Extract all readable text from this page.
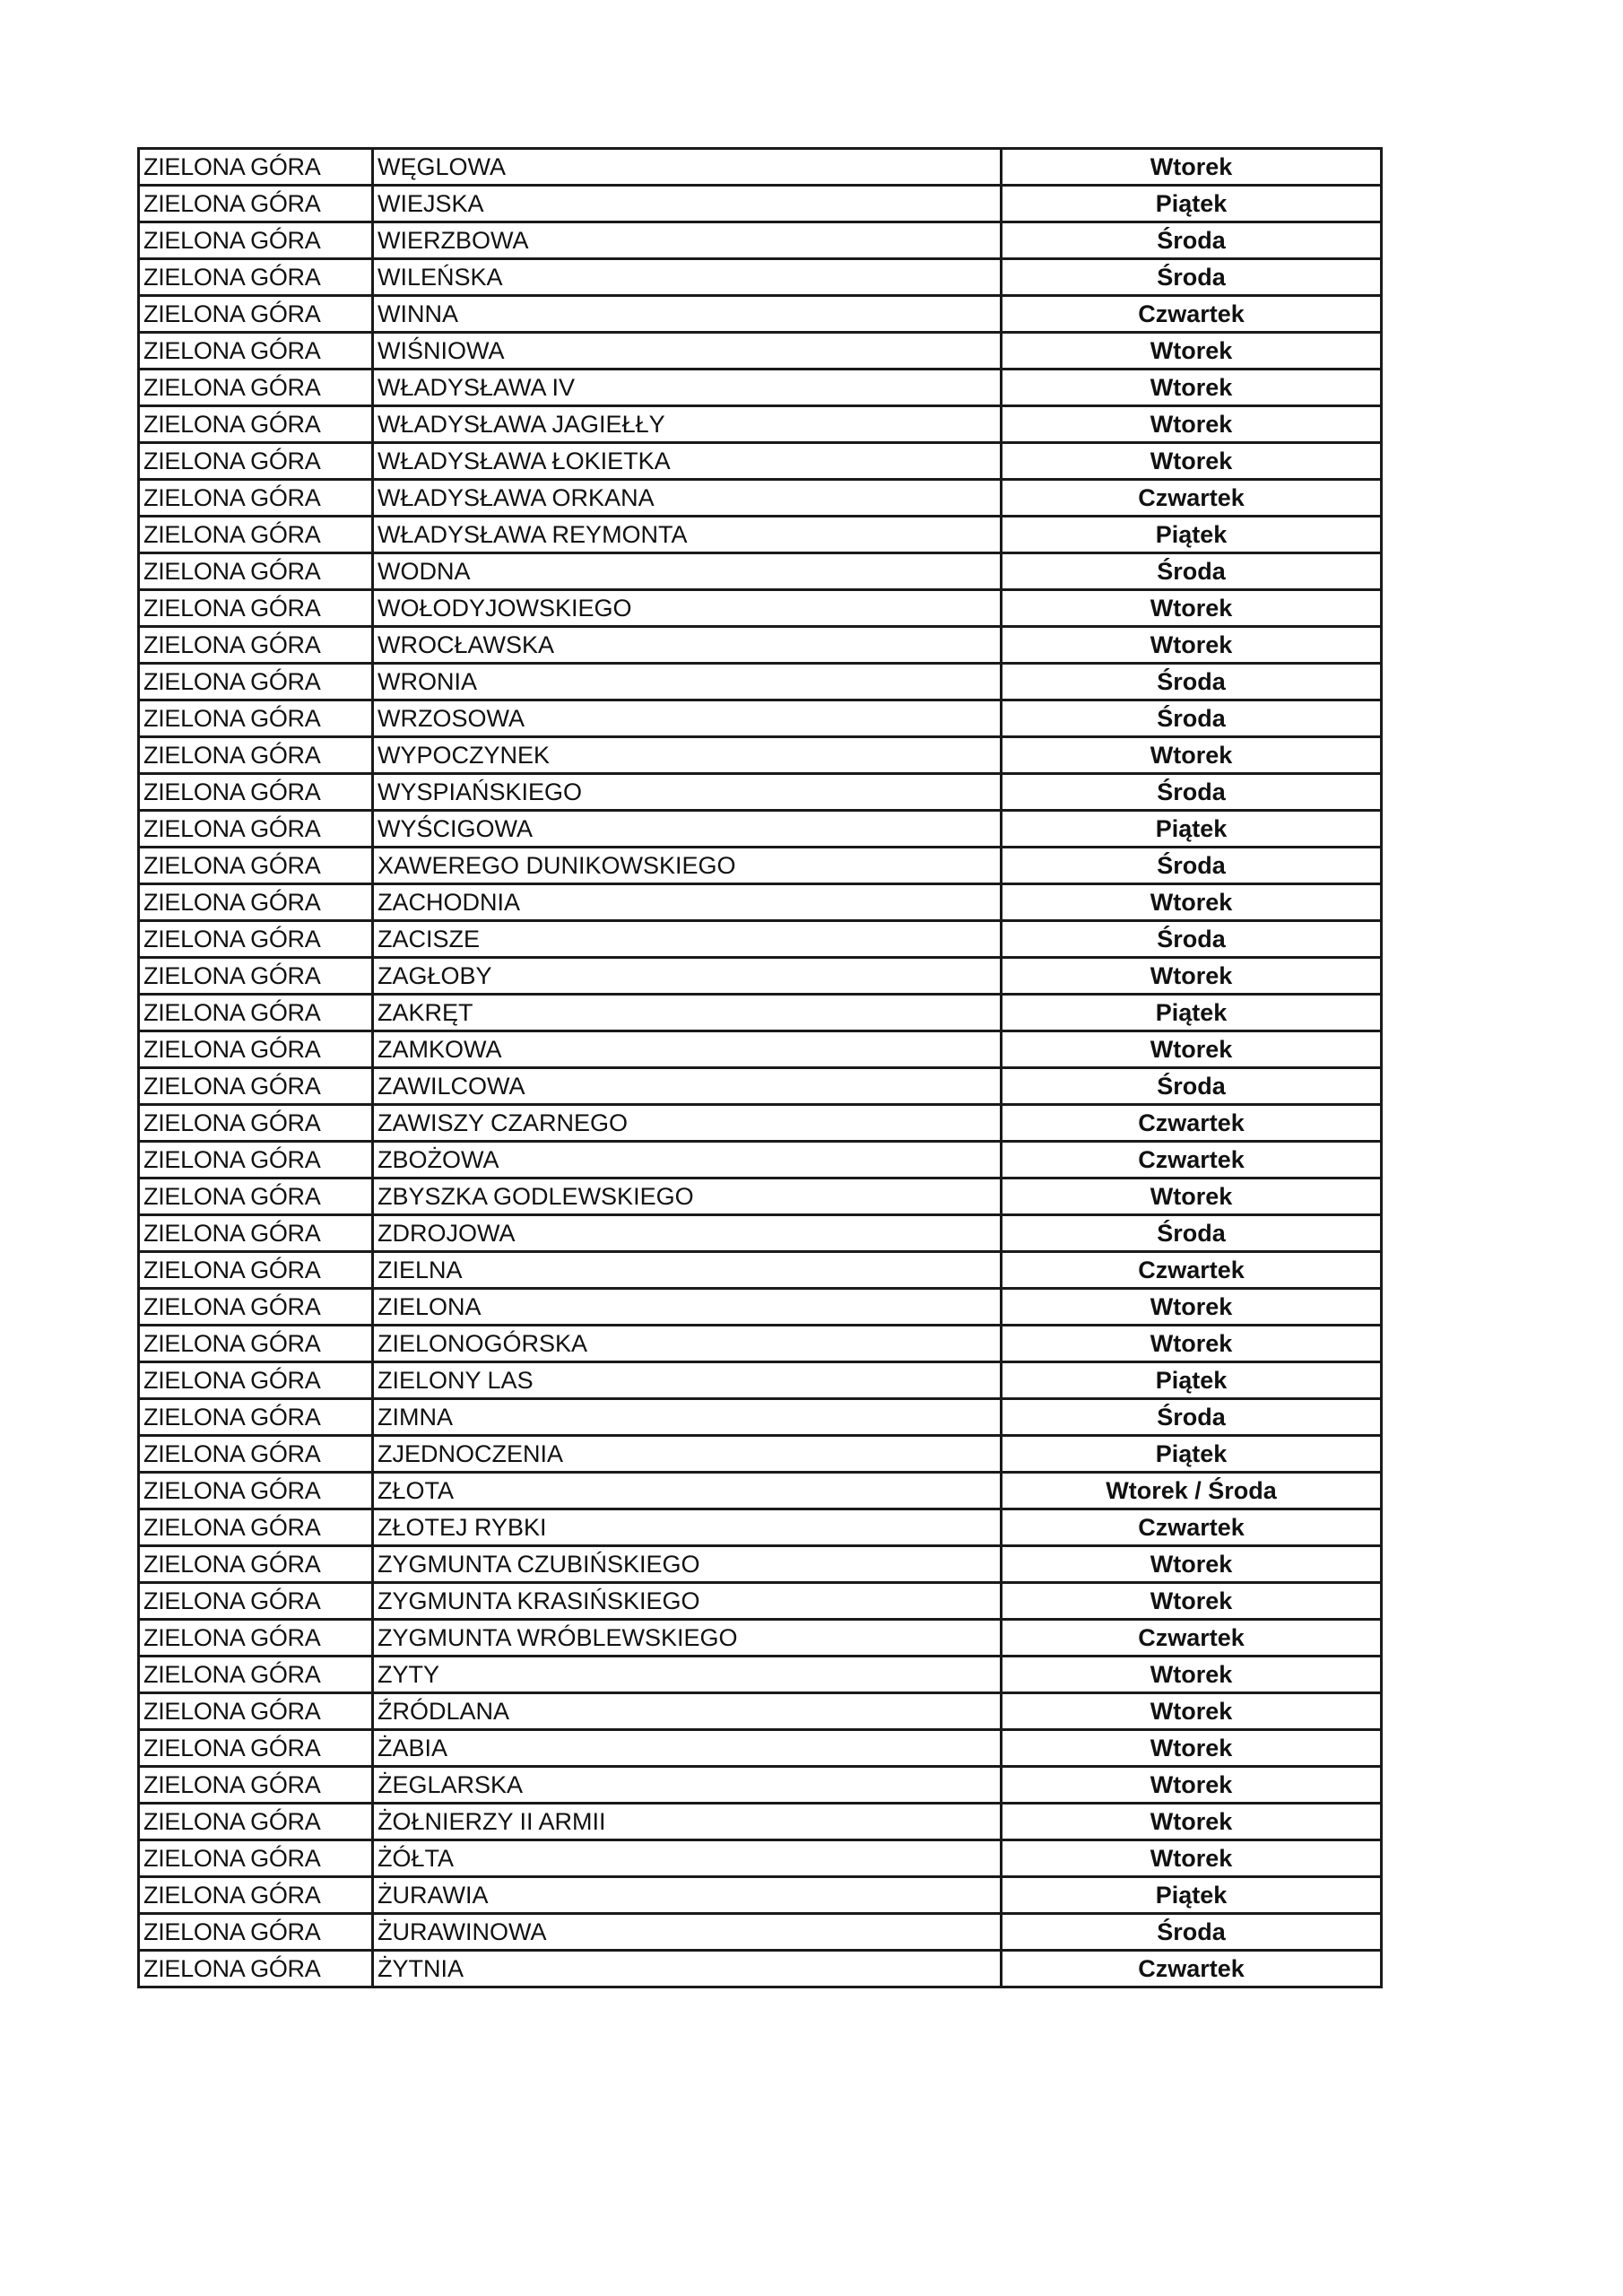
ZIELONA GÓRA	WĘGLOWA	Wtorek
ZIELONA GÓRA	WIEJSKA	Piątek
ZIELONA GÓRA	WIERZBOWA	Środa
ZIELONA GÓRA	WILEŃSKA	Środa
ZIELONA GÓRA	WINNA	Czwartek
ZIELONA GÓRA	WIŚNIOWA	Wtorek
ZIELONA GÓRA	WŁADYSŁAWA IV	Wtorek
ZIELONA GÓRA	WŁADYSŁAWA JAGIEŁŁY	Wtorek
ZIELONA GÓRA	WŁADYSŁAWA ŁOKIETKA	Wtorek
ZIELONA GÓRA	WŁADYSŁAWA ORKANA	Czwartek
ZIELONA GÓRA	WŁADYSŁAWA REYMONTA	Piątek
ZIELONA GÓRA	WODNA	Środa
ZIELONA GÓRA	WOŁODYJOWSKIEGO	Wtorek
ZIELONA GÓRA	WROCŁAWSKA	Wtorek
ZIELONA GÓRA	WRONIA	Środa
ZIELONA GÓRA	WRZOSOWA	Środa
ZIELONA GÓRA	WYPOCZYNEK	Wtorek
ZIELONA GÓRA	WYSPIAŃSKIEGO	Środa
ZIELONA GÓRA	WYŚCIGOWA	Piątek
ZIELONA GÓRA	XAWEREGO DUNIKOWSKIEGO	Środa
ZIELONA GÓRA	ZACHODNIA	Wtorek
ZIELONA GÓRA	ZACISZE	Środa
ZIELONA GÓRA	ZAGŁOBY	Wtorek
ZIELONA GÓRA	ZAKRĘT	Piątek
ZIELONA GÓRA	ZAMKOWA	Wtorek
ZIELONA GÓRA	ZAWILCOWA	Środa
ZIELONA GÓRA	ZAWISZY CZARNEGO	Czwartek
ZIELONA GÓRA	ZBOŻOWA	Czwartek
ZIELONA GÓRA	ZBYSZKA GODLEWSKIEGO	Wtorek
ZIELONA GÓRA	ZDROJOWA	Środa
ZIELONA GÓRA	ZIELNA	Czwartek
ZIELONA GÓRA	ZIELONA	Wtorek
ZIELONA GÓRA	ZIELONOGÓRSKA	Wtorek
ZIELONA GÓRA	ZIELONY LAS	Piątek
ZIELONA GÓRA	ZIMNA	Środa
ZIELONA GÓRA	ZJEDNOCZENIA	Piątek
ZIELONA GÓRA	ZŁOTA	Wtorek / Środa
ZIELONA GÓRA	ZŁOTEJ RYBKI	Czwartek
ZIELONA GÓRA	ZYGMUNTA CZUBIŃSKIEGO	Wtorek
ZIELONA GÓRA	ZYGMUNTA KRASIŃSKIEGO	Wtorek
ZIELONA GÓRA	ZYGMUNTA WRÓBLEWSKIEGO	Czwartek
ZIELONA GÓRA	ZYTY	Wtorek
ZIELONA GÓRA	ŹRÓDLANA	Wtorek
ZIELONA GÓRA	ŻABIA	Wtorek
ZIELONA GÓRA	ŻEGLARSKA	Wtorek
ZIELONA GÓRA	ŻOŁNIERZY II ARMII	Wtorek
ZIELONA GÓRA	ŻÓŁTA	Wtorek
ZIELONA GÓRA	ŻURAWIA	Piątek
ZIELONA GÓRA	ŻURAWINOWA	Środa
ZIELONA GÓRA	ŻYTNIA	Czwartek
